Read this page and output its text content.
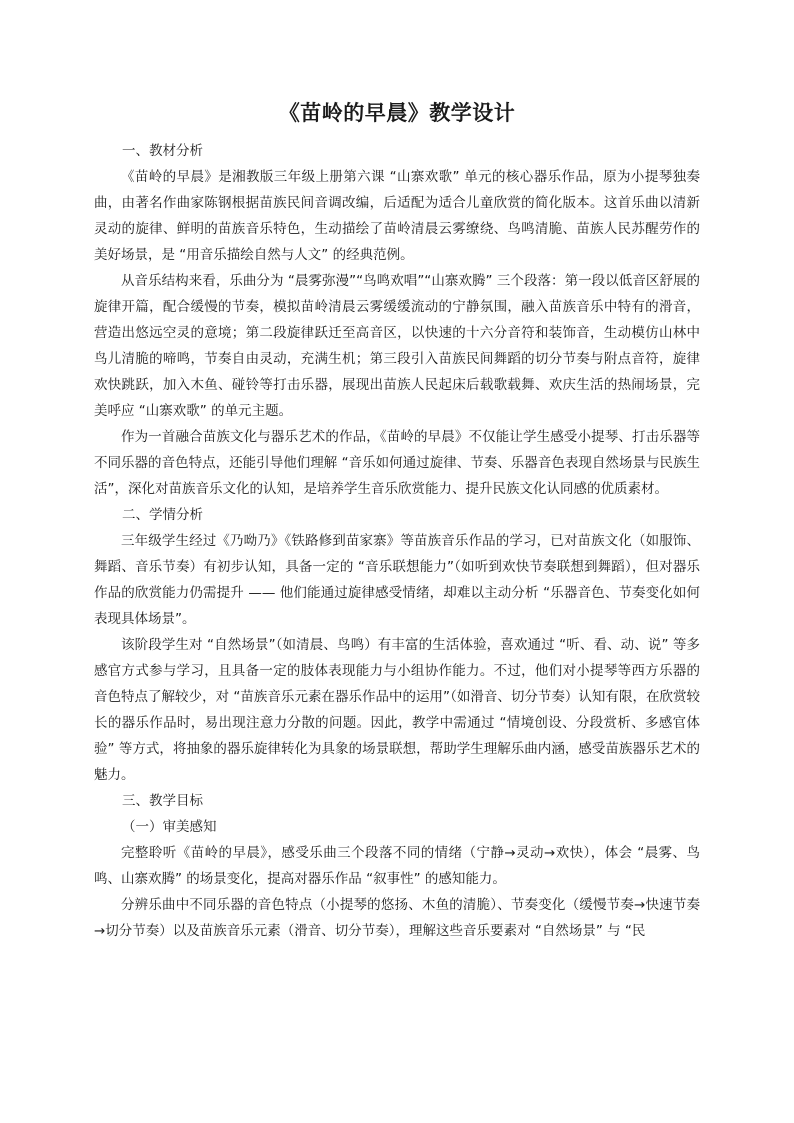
《苗岭的早晨》教学设计

一、教材分析

《苗岭的早晨》是湘教版三年级上册第六课 “山寨欢歌” 单元的核心器乐作品，原为小提琴独奏曲，由著名作曲家陈钢根据苗族民间音调改编，后适配为适合儿童欣赏的简化版本。这首乐曲以清新灵动的旋律、鲜明的苗族音乐特色，生动描绘了苗岭清晨云雾缭绕、鸟鸣清脆、苗族人民苏醒劳作的美好场景，是 “用音乐描绘自然与人文” 的经典范例。

从音乐结构来看，乐曲分为 “晨雾弥漫”“鸟鸣欢唱”“山寨欢腾” 三个段落：第一段以低音区舒展的旋律开篇，配合缓慢的节奏，模拟苗岭清晨云雾缓缓流动的宁静氛围，融入苗族音乐中特有的滑音，营造出悠远空灵的意境；第二段旋律跃迁至高音区，以快速的十六分音符和装饰音，生动模仿山林中鸟儿清脆的啼鸣，节奏自由灵动，充满生机；第三段引入苗族民间舞蹈的切分节奏与附点音符，旋律欢快跳跃，加入木鱼、碰铃等打击乐器，展现出苗族人民起床后载歌载舞、欢庆生活的热闹场景，完美呼应 “山寨欢歌” 的单元主题。

作为一首融合苗族文化与器乐艺术的作品，《苗岭的早晨》不仅能让学生感受小提琴、打击乐器等不同乐器的音色特点，还能引导他们理解 “音乐如何通过旋律、节奏、乐器音色表现自然场景与民族生活”，深化对苗族音乐文化的认知，是培养学生音乐欣赏能力、提升民族文化认同感的优质素材。

二、学情分析

三年级学生经过《乃呦乃》《铁路修到苗家寨》等苗族音乐作品的学习，已对苗族文化（如服饰、舞蹈、音乐节奏）有初步认知，具备一定的 “音乐联想能力”（如听到欢快节奏联想到舞蹈），但对器乐作品的欣赏能力仍需提升 —— 他们能通过旋律感受情绪，却难以主动分析 “乐器音色、节奏变化如何表现具体场景”。

该阶段学生对 “自然场景”（如清晨、鸟鸣）有丰富的生活体验，喜欢通过 “听、看、动、说” 等多感官方式参与学习，且具备一定的肢体表现能力与小组协作能力。不过，他们对小提琴等西方乐器的音色特点了解较少，对 “苗族音乐元素在器乐作品中的运用”（如滑音、切分节奏）认知有限，在欣赏较长的器乐作品时，易出现注意力分散的问题。因此，教学中需通过 “情境创设、分段赏析、多感官体验” 等方式，将抽象的器乐旋律转化为具象的场景联想，帮助学生理解乐曲内涵，感受苗族器乐艺术的魅力。

三、教学目标

（一）审美感知

完整聆听《苗岭的早晨》，感受乐曲三个段落不同的情绪（宁静→灵动→欢快），体会 “晨雾、鸟鸣、山寨欢腾” 的场景变化，提高对器乐作品 “叙事性” 的感知能力。

分辨乐曲中不同乐器的音色特点（小提琴的悠扬、木鱼的清脆）、节奏变化（缓慢节奏→快速节奏→切分节奏）以及苗族音乐元素（滑音、切分节奏），理解这些音乐要素对 “自然场景” 与 “民
